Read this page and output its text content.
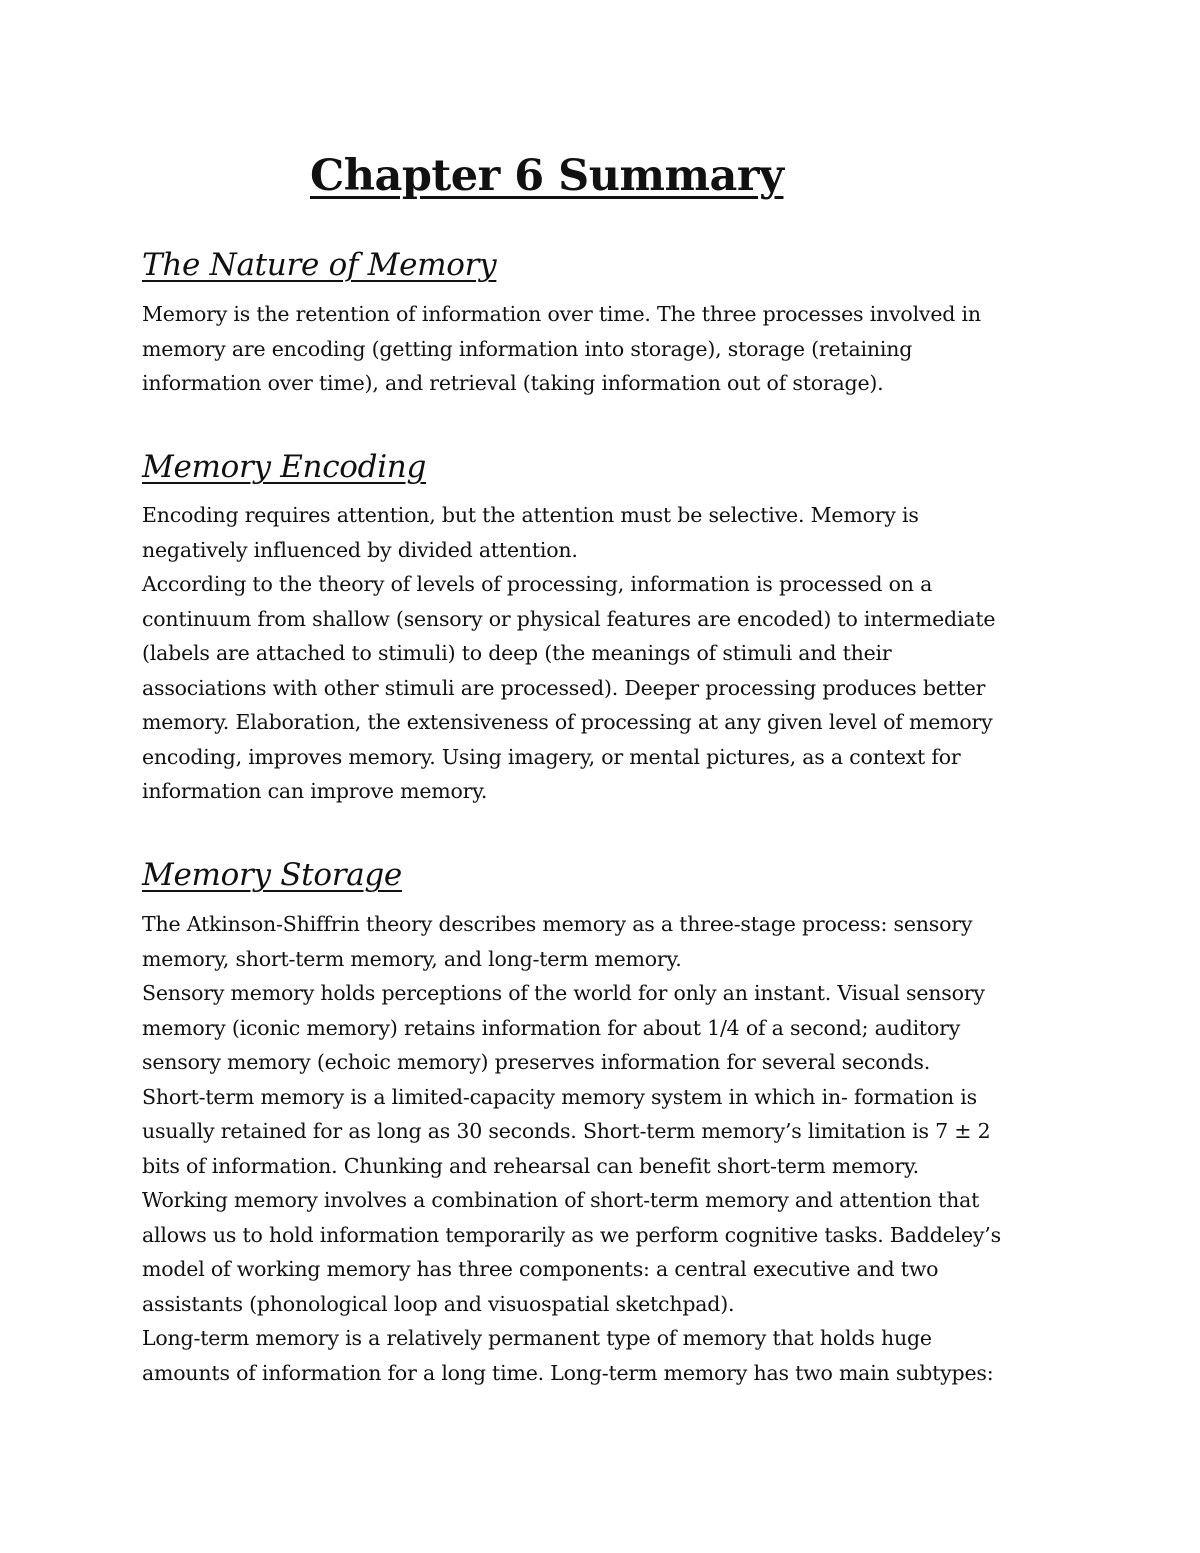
Chapter 6 Summary
The Nature of Memory
Memory is the retention of information over time. The three processes involved in
memory are encoding (getting information into storage), storage (retaining
information over time), and retrieval (taking information out of storage).
Memory Encoding
Encoding requires attention, but the attention must be selective. Memory is
negatively influenced by divided attention.
According to the theory of levels of processing, information is processed on a
continuum from shallow (sensory or physical features are encoded) to intermediate
(labels are attached to stimuli) to deep (the meanings of stimuli and their
associations with other stimuli are processed). Deeper processing produces better
memory. Elaboration, the extensiveness of processing at any given level of memory
encoding, improves memory. Using imagery, or mental pictures, as a context for
information can improve memory.
Memory Storage
The Atkinson-Shiffrin theory describes memory as a three-stage process: sensory
memory, short-term memory, and long-term memory.
Sensory memory holds perceptions of the world for only an instant. Visual sensory
memory (iconic memory) retains information for about 1/4 of a second; auditory
sensory memory (echoic memory) preserves information for several seconds.
Short-term memory is a limited-capacity memory system in which in- formation is
usually retained for as long as 30 seconds. Short-term memory’s limitation is 7 ± 2
bits of information. Chunking and rehearsal can benefit short-term memory.
Working memory involves a combination of short-term memory and attention that
allows us to hold information temporarily as we perform cognitive tasks. Baddeley’s
model of working memory has three components: a central executive and two
assistants (phonological loop and visuospatial sketchpad).
Long-term memory is a relatively permanent type of memory that holds huge
amounts of information for a long time. Long-term memory has two main subtypes:
